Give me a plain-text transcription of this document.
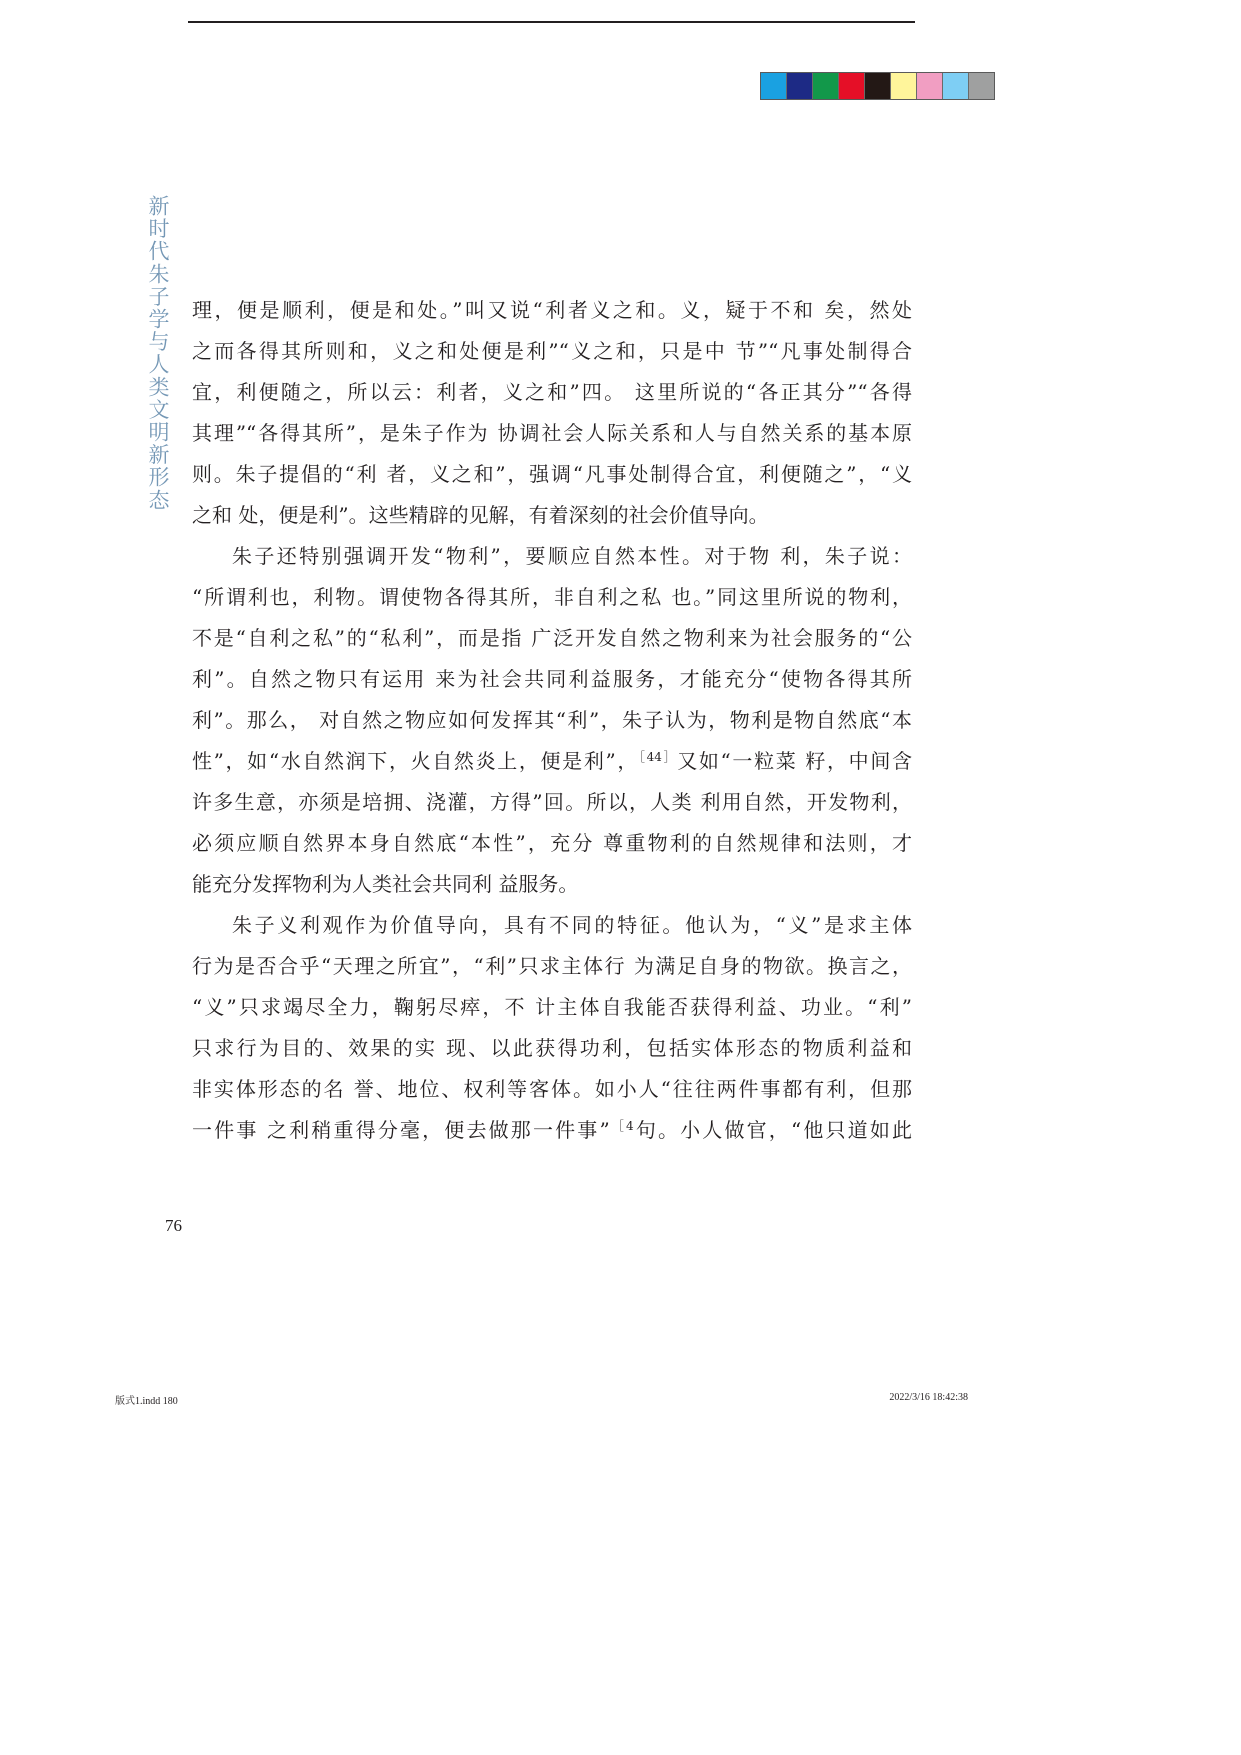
新时代朱子学与人类文明新形态 理，便是顺利，便是和处。”叫又说“利者义之和。义，疑于不和 矣，然处
之而各得其所则和，义之和处便是利”“义之和，只是中 节”“凡事处制得合
宜，利便随之，所以云：利者，义之和”四。 这里所说的“各正其分”“各得
其理”“各得其所”，是朱子作为 协调社会人际关系和人与自然关系的基本原
则。朱子提倡的“利 者，义之和”，强调“凡事处制得合宜，利便随之”，“义
之和 处，便是利”。这些精辟的见解，有着深刻的社会价值导向。
朱子还特别强调开发“物利”，要顺应自然本性。对于物 利，朱子说：
“所谓利也，利物。谓使物各得其所，非自利之私 也。”同这里所说的物利，
不是“自利之私”的“私利”，而是指 广泛开发自然之物利来为社会服务的“公
利”。自然之物只有运用 来为社会共同利益服务，才能充分“使物各得其所
利”。那么， 对自然之物应如何发挥其“利”，朱子认为，物利是物自然底“本
性”，如“水自然润下，火自然炎上，便是利”，$^{[44]}$又如“一粒菜 籽，中间含
许多生意，亦须是培拥、浇灌，方得”回。所以，人类 利用自然，开发物利，
必须应顺自然界本身自然底“本性”，充分 尊重物利的自然规律和法则，才
能充分发挥物利为人类社会共同利 益服务。
朱子义利观作为价值导向，具有不同的特征。他认为，“义”是求主体
行为是否合乎“天理之所宜”，“利”只求主体行 为满足自身的物欲。换言之，
“义”只求竭尽全力，鞠躬尽瘁，不 计主体自我能否获得利益、功业。“利”
只求行为目的、效果的实 现、以此获得功利，包括实体形态的物质利益和
非实体形态的名 誉、地位、权利等客体。如小人“往往两件事都有利，但那
一件事 之利稍重得分毫，便去做那一件事”$^{[4}$句。小人做官，“他只道如此
76
版式1.indd 180	2022/3/16 18:42:38
